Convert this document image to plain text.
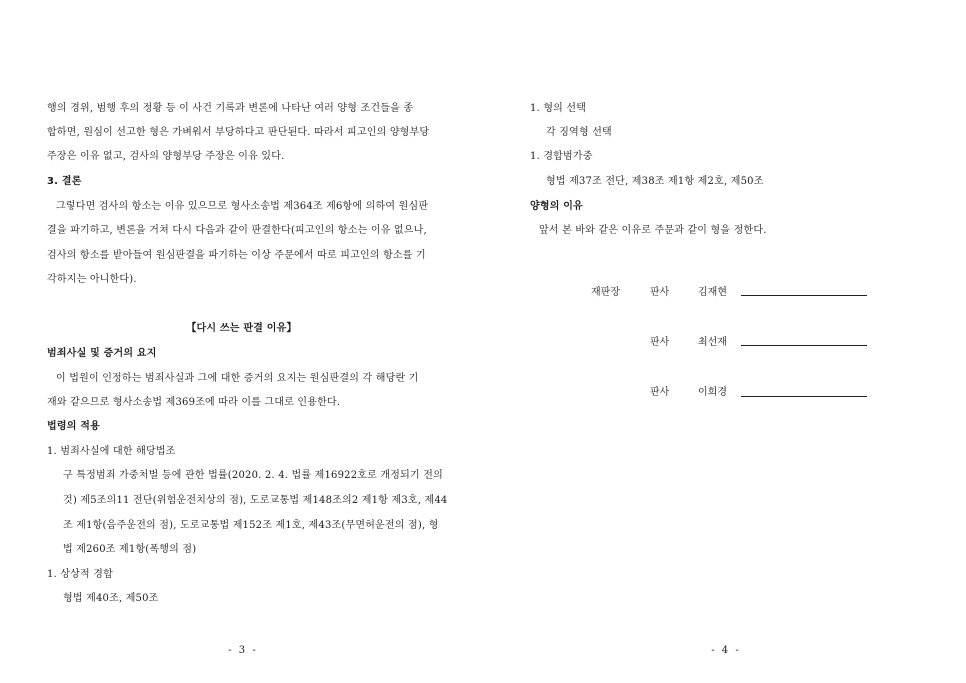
행의 경위, 범행 후의 정황 등 이 사건 기록과 변론에 나타난 여러 양형 조건들을 종
합하면, 원심이 선고한 형은 가벼워서 부당하다고 판단된다. 따라서 피고인의 양형부당
주장은 이유 없고, 검사의 양형부당 주장은 이유 있다.
3. 결론
그렇다면 검사의 항소는 이유 있으므로 형사소송법 제364조 제6항에 의하여 원심판
결을 파기하고, 변론을 거쳐 다시 다음과 같이 판결한다(피고인의 항소는 이유 없으나,
검사의 항소를 받아들여 원심판결을 파기하는 이상 주문에서 따로 피고인의 항소를 기
각하지는 아니한다).
【다시 쓰는 판결 이유】
범죄사실 및 증거의 요지
이 법원이 인정하는 범죄사실과 그에 대한 증거의 요지는 원심판결의 각 해당란 기
재와 같으므로 형사소송법 제369조에 따라 이를 그대로 인용한다.
법령의 적용
1. 범죄사실에 대한 해당법조
구 특정범죄 가중처벌 등에 관한 법률(2020. 2. 4. 법률 제16922호로 개정되기 전의
것) 제5조의11 전단(위험운전치상의 점), 도로교통법 제148조의2 제1항 제3호, 제44
조 제1항(음주운전의 점), 도로교통법 제152조 제1호, 제43조(무면허운전의 점), 형
법 제260조 제1항(폭행의 점)
1. 상상적 경합
형법 제40조, 제50조
- 3 -
1. 형의 선택
각 징역형 선택
1. 경합범가중
형법 제37조 전단, 제38조 제1항 제2호, 제50조
양형의 이유
앞서 본 바와 같은 이유로 주문과 같이 형을 정한다.
재판장	판사	김재현
판사	최선재
판사	이희경
- 4 -
